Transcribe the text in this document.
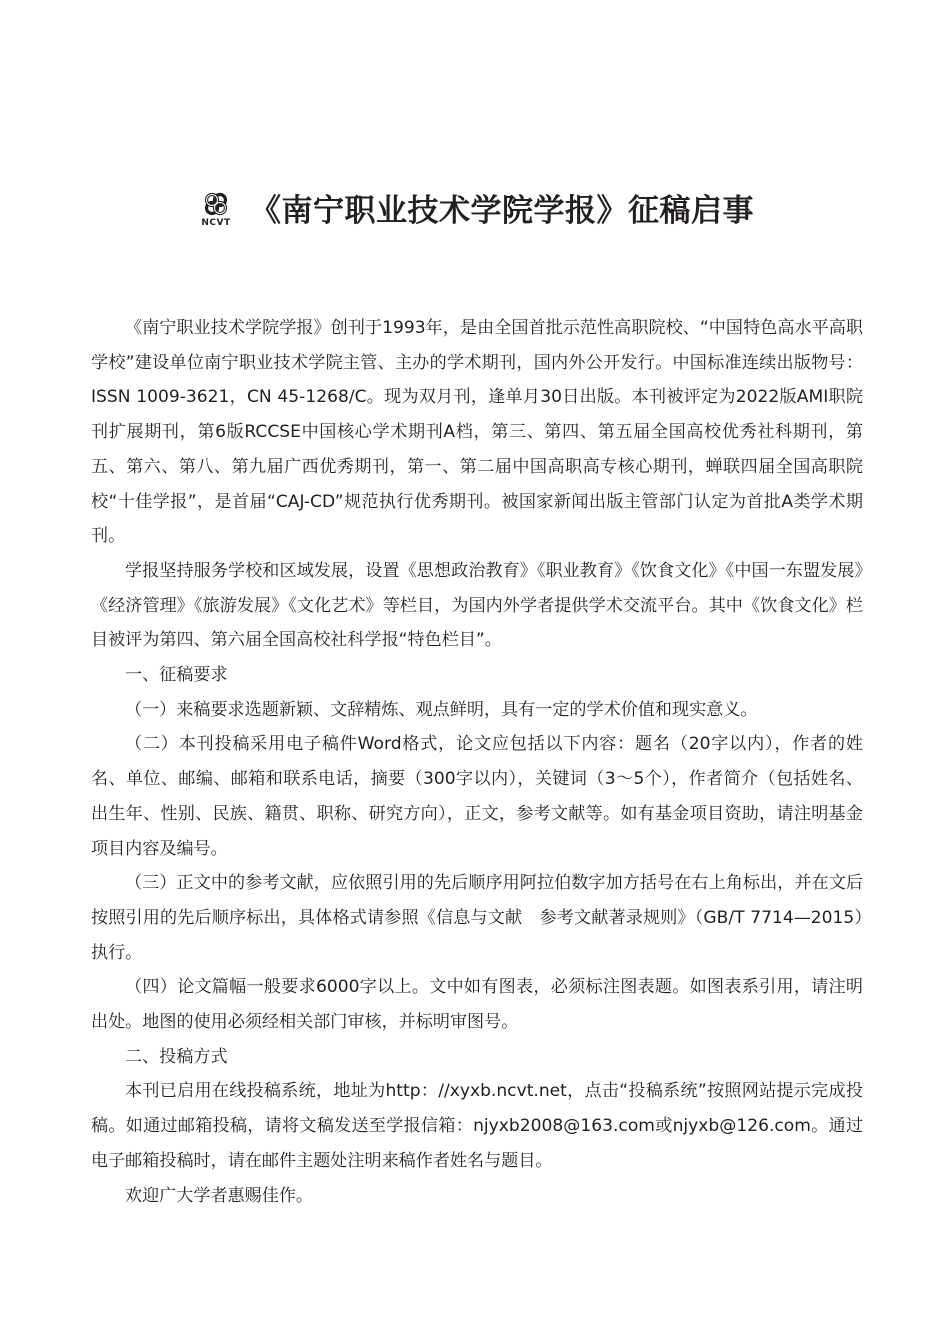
NCVT 《南宁职业技术学院学报》征稿启事

《南宁职业技术学院学报》创刊于1993年，是由全国首批示范性高职院校、“中国特色高水平高职学校”建设单位南宁职业技术学院主管、主办的学术期刊，国内外公开发行。中国标准连续出版物号：ISSN 1009-3621，CN 45-1268/C。现为双月刊，逢单月30日出版。本刊被评定为2022版AMI职院刊扩展期刊，第6版RCCSE中国核心学术期刊A档，第三、第四、第五届全国高校优秀社科期刊，第五、第六、第八、第九届广西优秀期刊，第一、第二届中国高职高专核心期刊，蝉联四届全国高职院校“十佳学报”，是首届“CAJ-CD”规范执行优秀期刊。被国家新闻出版主管部门认定为首批A类学术期刊。

学报坚持服务学校和区域发展，设置《思想政治教育》《职业教育》《饮食文化》《中国一东盟发展》《经济管理》《旅游发展》《文化艺术》等栏目，为国内外学者提供学术交流平台。其中《饮食文化》栏目被评为第四、第六届全国高校社科学报“特色栏目”。

一、征稿要求

（一）来稿要求选题新颖、文辞精炼、观点鲜明，具有一定的学术价值和现实意义。

（二）本刊投稿采用电子稿件Word格式，论文应包括以下内容：题名（20字以内），作者的姓名、单位、邮编、邮箱和联系电话，摘要（300字以内），关键词（3～5个），作者简介（包括姓名、出生年、性别、民族、籍贯、职称、研究方向），正文，参考文献等。如有基金项目资助，请注明基金项目内容及编号。

（三）正文中的参考文献，应依照引用的先后顺序用阿拉伯数字加方括号在右上角标出，并在文后按照引用的先后顺序标出，具体格式请参照《信息与文献　参考文献著录规则》（GB/T 7714—2015）执行。

（四）论文篇幅一般要求6000字以上。文中如有图表，必须标注图表题。如图表系引用，请注明出处。地图的使用必须经相关部门审核，并标明审图号。

二、投稿方式

本刊已启用在线投稿系统，地址为http：//xyxb.ncvt.net，点击“投稿系统”按照网站提示完成投稿。如通过邮箱投稿，请将文稿发送至学报信箱：njyxb2008@163.com或njyxb@126.com。通过电子邮箱投稿时，请在邮件主题处注明来稿作者姓名与题目。

欢迎广大学者惠赐佳作。
